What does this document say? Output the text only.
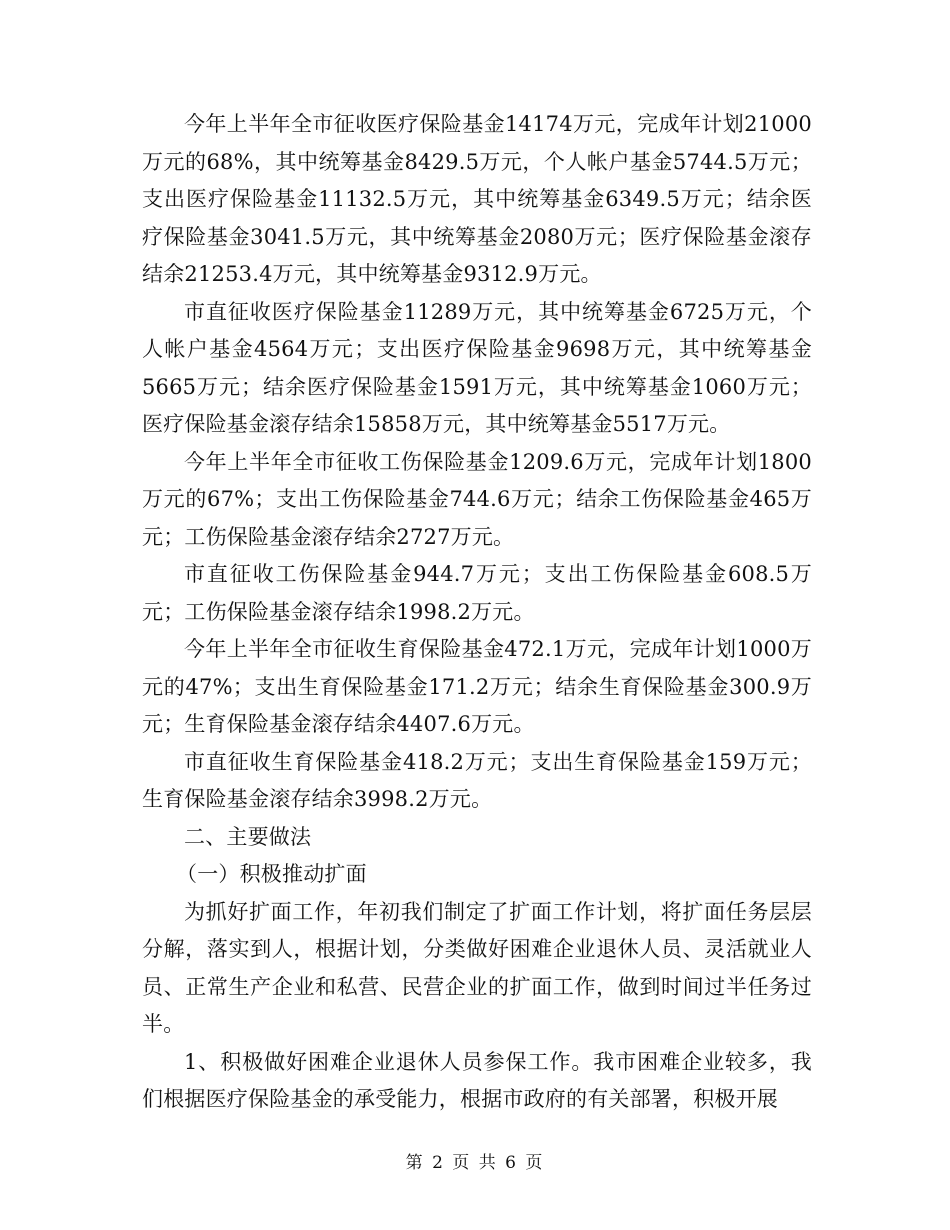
今年上半年全市征收医疗保险基金14174万元，完成年计划21000万元的68%，其中统筹基金8429.5万元，个人帐户基金5744.5万元；支出医疗保险基金11132.5万元，其中统筹基金6349.5万元；结余医疗保险基金3041.5万元，其中统筹基金2080万元；医疗保险基金滚存结余21253.4万元，其中统筹基金9312.9万元。

市直征收医疗保险基金11289万元，其中统筹基金6725万元，个人帐户基金4564万元；支出医疗保险基金9698万元，其中统筹基金5665万元；结余医疗保险基金1591万元，其中统筹基金1060万元；医疗保险基金滚存结余15858万元，其中统筹基金5517万元。

今年上半年全市征收工伤保险基金1209.6万元，完成年计划1800万元的67%；支出工伤保险基金744.6万元；结余工伤保险基金465万元；工伤保险基金滚存结余2727万元。

市直征收工伤保险基金944.7万元；支出工伤保险基金608.5万元；工伤保险基金滚存结余1998.2万元。

今年上半年全市征收生育保险基金472.1万元，完成年计划1000万元的47%；支出生育保险基金171.2万元；结余生育保险基金300.9万元；生育保险基金滚存结余4407.6万元。

市直征收生育保险基金418.2万元；支出生育保险基金159万元；生育保险基金滚存结余3998.2万元。

二、主要做法

（一）积极推动扩面

为抓好扩面工作，年初我们制定了扩面工作计划，将扩面任务层层分解，落实到人，根据计划，分类做好困难企业退休人员、灵活就业人员、正常生产企业和私营、民营企业的扩面工作，做到时间过半任务过半。

1、积极做好困难企业退休人员参保工作。我市困难企业较多，我们根据医疗保险基金的承受能力，根据市政府的有关部署，积极开展

第 2 页 共 6 页
